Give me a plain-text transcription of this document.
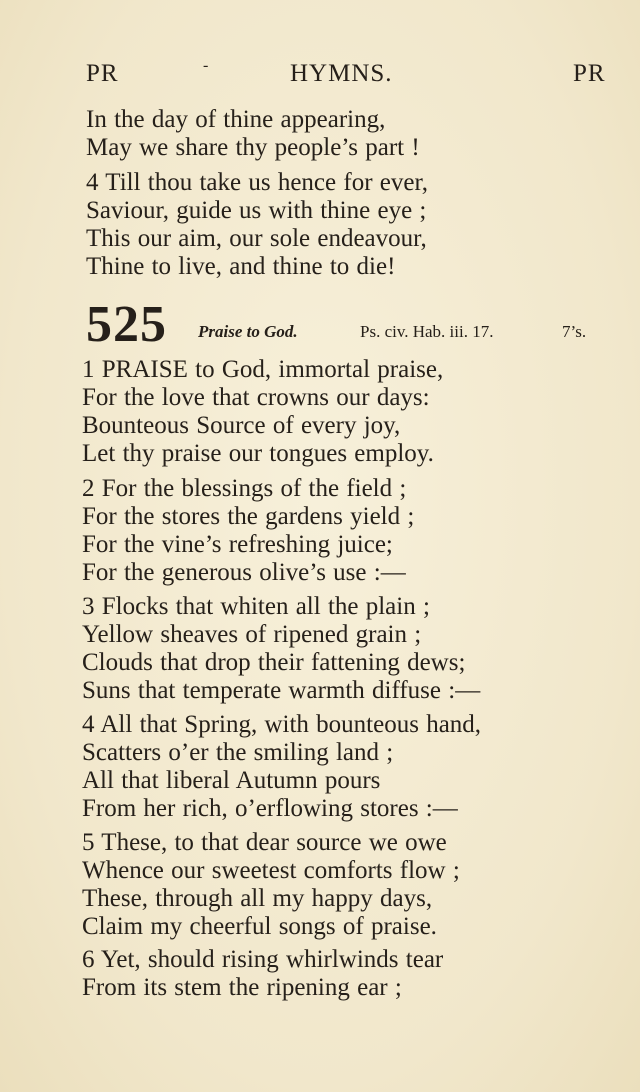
PR	-	HYMNS.	PR
In the day of thine appearing,
May we share thy people’s part !
4 Till thou take us hence for ever,
Saviour, guide us with thine eye ;
This our aim, our sole endeavour,
Thine to live, and thine to die!
525 Praise to God.	Ps. civ. Hab. iii. 17.	7’s.
1 PRAISE to God, immortal praise,
For the love that crowns our days:
Bounteous Source of every joy,
Let thy praise our tongues employ.
2 For the blessings of the field ;
For the stores the gardens yield ;
For the vine’s refreshing juice;
For the generous olive’s use :—
3 Flocks that whiten all the plain ;
Yellow sheaves of ripened grain ;
Clouds that drop their fattening dews;
Suns that temperate warmth diffuse :—
4 All that Spring, with bounteous hand,
Scatters o’er the smiling land ;
All that liberal Autumn pours
From her rich, o’erflowing stores :—
5 These, to that dear source we owe
Whence our sweetest comforts flow ;
These, through all my happy days,
Claim my cheerful songs of praise.
6 Yet, should rising whirlwinds tear
From its stem the ripening ear ;
